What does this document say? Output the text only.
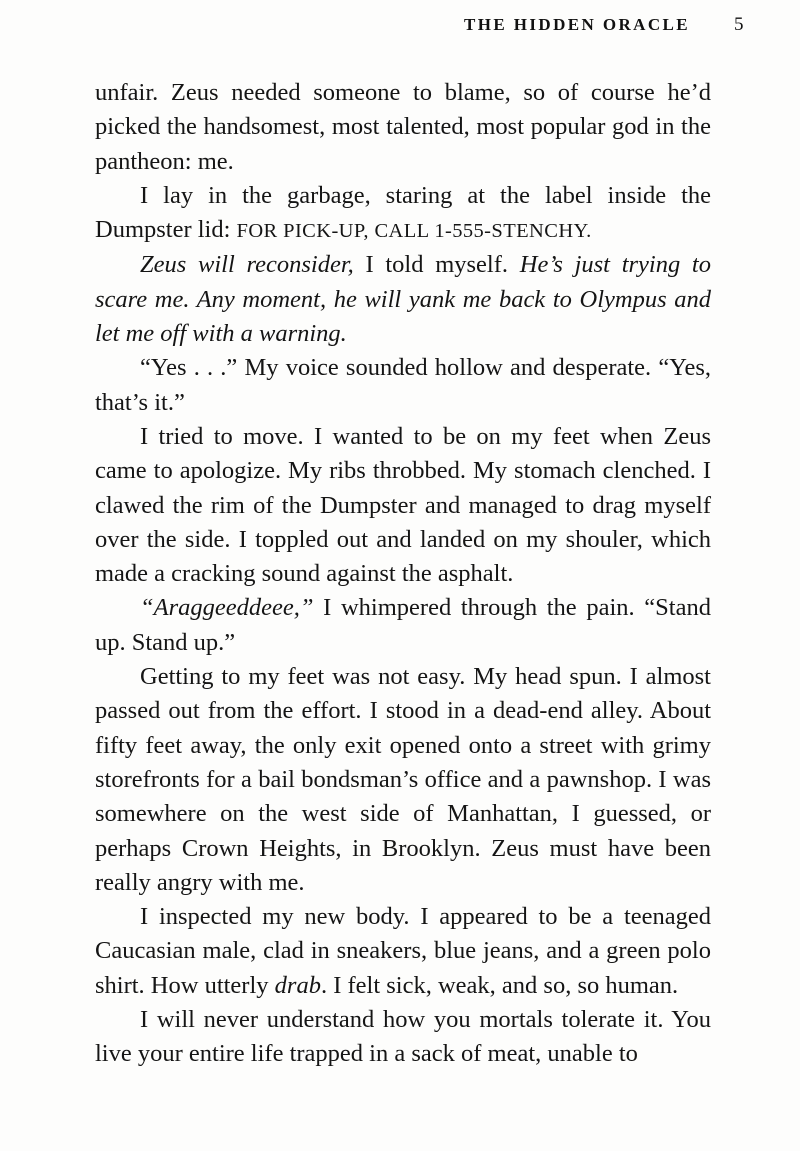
THE HIDDEN ORACLE 5

unfair. Zeus needed someone to blame, so of course he’d picked the handsomest, most talented, most popular god in the pantheon: me.

I lay in the garbage, staring at the label inside the Dumpster lid: FOR PICK-UP, CALL 1-555-STENCHY.

Zeus will reconsider, I told myself. He’s just trying to scare me. Any moment, he will yank me back to Olympus and let me off with a warning.

“Yes . . .” My voice sounded hollow and desperate. “Yes, that’s it.”

I tried to move. I wanted to be on my feet when Zeus came to apologize. My ribs throbbed. My stomach clenched. I clawed the rim of the Dumpster and managed to drag myself over the side. I toppled out and landed on my shouler, which made a cracking sound against the asphalt.

“Araggeeddeee,” I whimpered through the pain. “Stand up. Stand up.”

Getting to my feet was not easy. My head spun. I almost passed out from the effort. I stood in a dead-end alley. About fifty feet away, the only exit opened onto a street with grimy storefronts for a bail bondsman’s office and a pawnshop. I was somewhere on the west side of Manhattan, I guessed, or perhaps Crown Heights, in Brooklyn. Zeus must have been really angry with me.

I inspected my new body. I appeared to be a teenaged Caucasian male, clad in sneakers, blue jeans, and a green polo shirt. How utterly drab. I felt sick, weak, and so, so human.

I will never understand how you mortals tolerate it. You live your entire life trapped in a sack of meat, unable to
